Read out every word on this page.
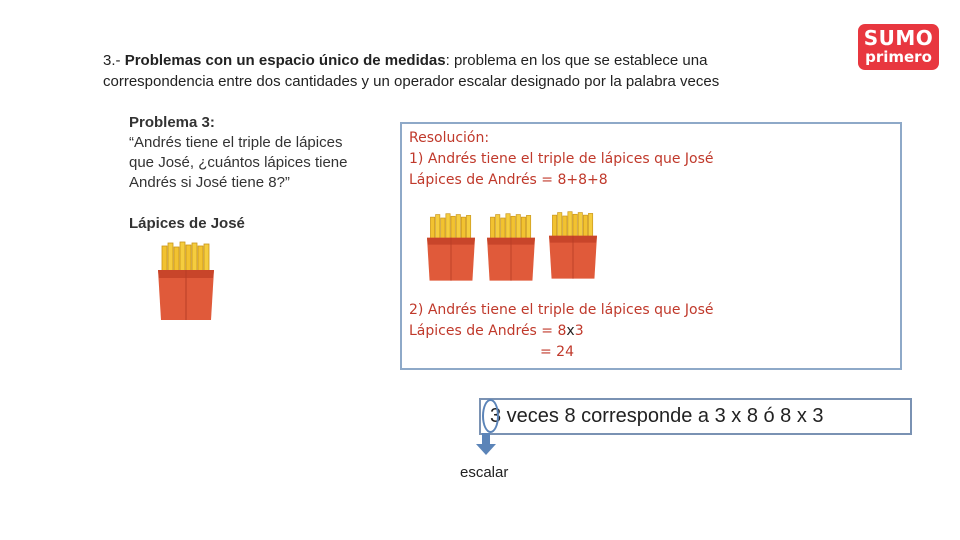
3.- Problemas con un espacio único de medidas: problema en los que se establece una
correspondencia entre dos cantidades y un operador escalar designado por la palabra veces
SUMO
primero
Problema 3:
“Andrés tiene el triple de lápices
que José, ¿cuántos lápices tiene
Andrés si José tiene 8?”
Lápices de José
Resolución:
1) Andrés tiene el triple de lápices que José
Lápices de Andrés = 8+8+8
2) Andrés tiene el triple de lápices que José
Lápices de Andrés = 8x3
= 24
3 veces 8 corresponde a 3 x 8 ó 8 x 3
escalar
